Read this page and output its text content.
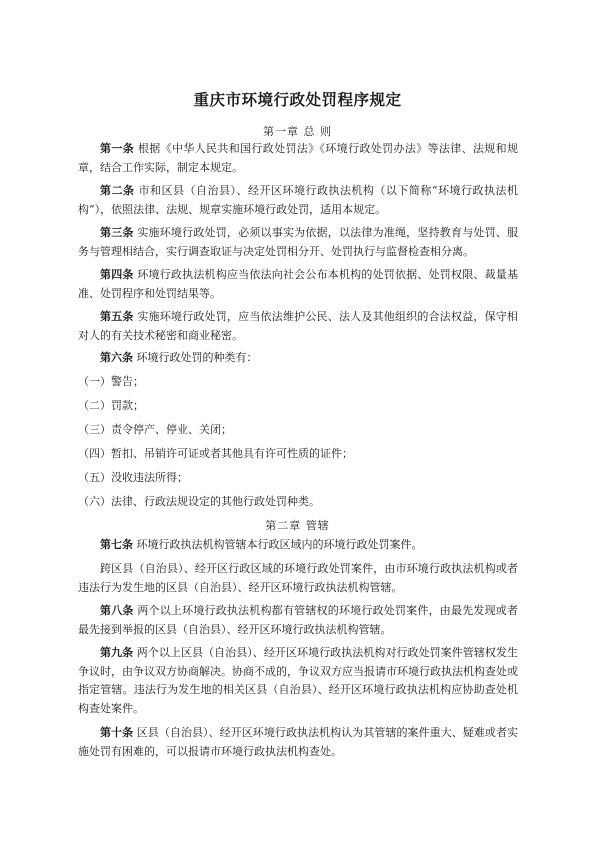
重庆市环境行政处罚程序规定
第一章 总 则
第一条 根据《中华人民共和国行政处罚法》《环境行政处罚办法》等法律、法规和规章，结合工作实际，制定本规定。
第二条 市和区县（自治县）、经开区环境行政执法机构（以下简称“环境行政执法机构”），依照法律、法规、规章实施环境行政处罚，适用本规定。
第三条 实施环境行政处罚，必须以事实为依据，以法律为准绳，坚持教育与处罚、服务与管理相结合，实行调查取证与决定处罚相分开、处罚执行与监督检查相分离。
第四条 环境行政执法机构应当依法向社会公布本机构的处罚依据、处罚权限、裁量基准、处罚程序和处罚结果等。
第五条 实施环境行政处罚，应当依法维护公民、法人及其他组织的合法权益，保守相对人的有关技术秘密和商业秘密。
第六条 环境行政处罚的种类有：
（一）警告；
（二）罚款；
（三）责令停产、停业、关闭；
（四）暂扣、吊销许可证或者其他具有许可性质的证件；
（五）没收违法所得；
（六）法律、行政法规设定的其他行政处罚种类。
第二章 管辖
第七条 环境行政执法机构管辖本行政区域内的环境行政处罚案件。
跨区县（自治县）、经开区行政区域的环境行政处罚案件，由市环境行政执法机构或者违法行为发生地的区县（自治县）、经开区环境行政执法机构管辖。
第八条 两个以上环境行政执法机构都有管辖权的环境行政处罚案件，由最先发现或者最先接到举报的区县（自治县）、经开区环境行政执法机构管辖。
第九条 两个以上区县（自治县）、经开区环境行政执法机构对行政处罚案件管辖权发生争议时，由争议双方协商解决。协商不成的，争议双方应当报请市环境行政执法机构查处或指定管辖。违法行为发生地的相关区县（自治县）、经开区环境行政执法机构应协助查处机构查处案件。
第十条 区县（自治县）、经开区环境行政执法机构认为其管辖的案件重大、疑难或者实施处罚有困难的，可以报请市环境行政执法机构查处。
